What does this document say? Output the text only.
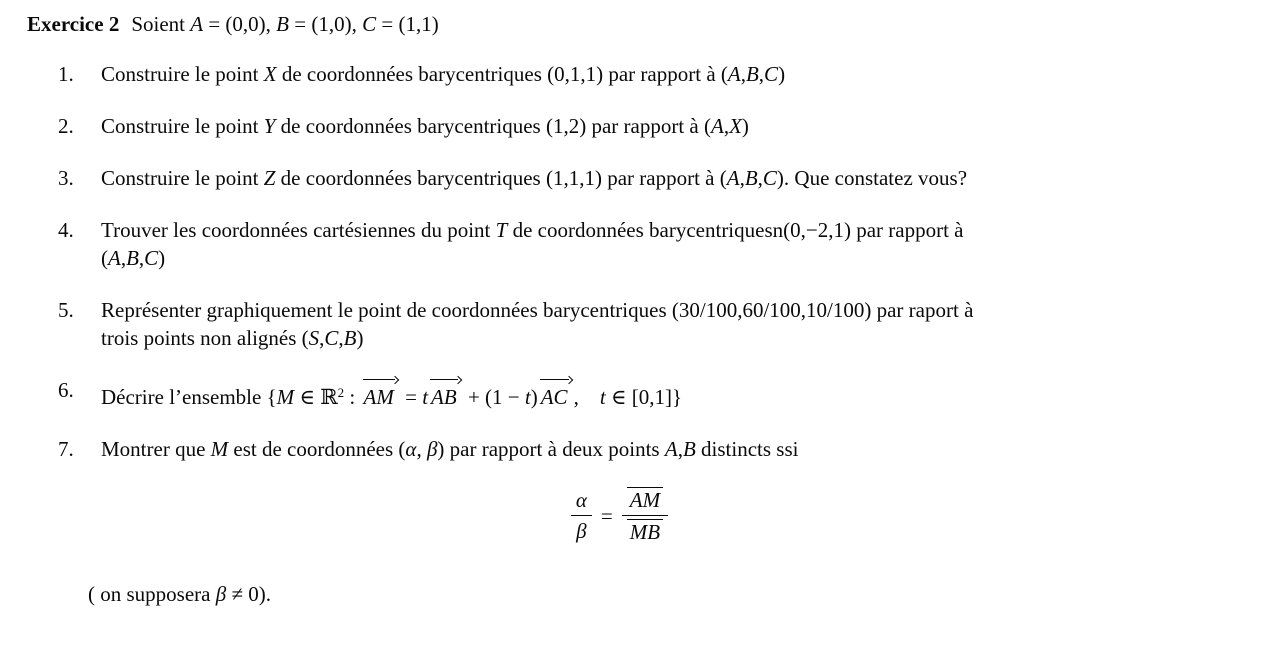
Exercice 2 Soient A = (0,0), B = (1,0), C = (1,1)
1.	Construire le point X de coordonnées barycentriques (0,1,1) par rapport à (A,B,C)
2.	Construire le point Y de coordonnées barycentriques (1,2) par rapport à (A,X)
3.	Construire le point Z de coordonnées barycentriques (1,1,1) par rapport à (A,B,C). Que constatez vous?
4.	Trouver les coordonnées cartésiennes du point T de coordonnées barycentriquesn(0,−2,1) par rapport à
(A,B,C)
5.	Représenter graphiquement le point de coordonnées barycentriques (30/100,60/100,10/100) par raport à
trois points non alignés (S,C,B)
6.	Décrire l’ensemble {M ∈ ℝ$^2$ : AM = t AB + (1 − t) AC , t ∈ [0,1]}
7.	Montrer que M est de coordonnées (α, β) par rapport à deux points A,B distincts ssi
$\frac{\alpha}{\beta} = \frac{AM}{MB}$
( on supposera β ≠ 0).
